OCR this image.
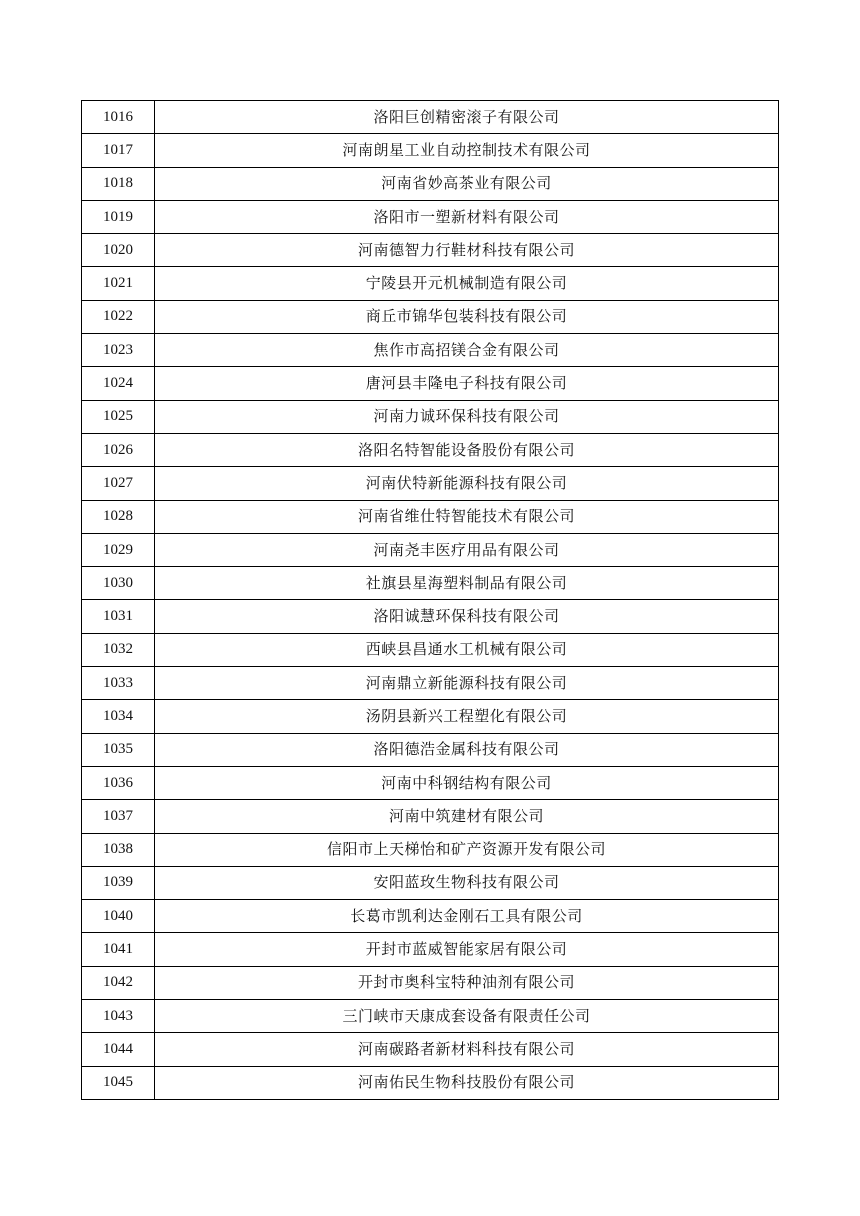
1016	洛阳巨创精密滚子有限公司
1017	河南朗星工业自动控制技术有限公司
1018	河南省妙高茶业有限公司
1019	洛阳市一塑新材料有限公司
1020	河南德智力行鞋材科技有限公司
1021	宁陵县开元机械制造有限公司
1022	商丘市锦华包装科技有限公司
1023	焦作市高招镁合金有限公司
1024	唐河县丰隆电子科技有限公司
1025	河南力诚环保科技有限公司
1026	洛阳名特智能设备股份有限公司
1027	河南伏特新能源科技有限公司
1028	河南省维仕特智能技术有限公司
1029	河南尧丰医疗用品有限公司
1030	社旗县星海塑料制品有限公司
1031	洛阳诚慧环保科技有限公司
1032	西峡县昌通水工机械有限公司
1033	河南鼎立新能源科技有限公司
1034	汤阴县新兴工程塑化有限公司
1035	洛阳德浩金属科技有限公司
1036	河南中科钢结构有限公司
1037	河南中筑建材有限公司
1038	信阳市上天梯怡和矿产资源开发有限公司
1039	安阳蓝玫生物科技有限公司
1040	长葛市凯利达金刚石工具有限公司
1041	开封市蓝威智能家居有限公司
1042	开封市奥科宝特种油剂有限公司
1043	三门峡市天康成套设备有限责任公司
1044	河南碳路者新材料科技有限公司
1045	河南佑民生物科技股份有限公司
